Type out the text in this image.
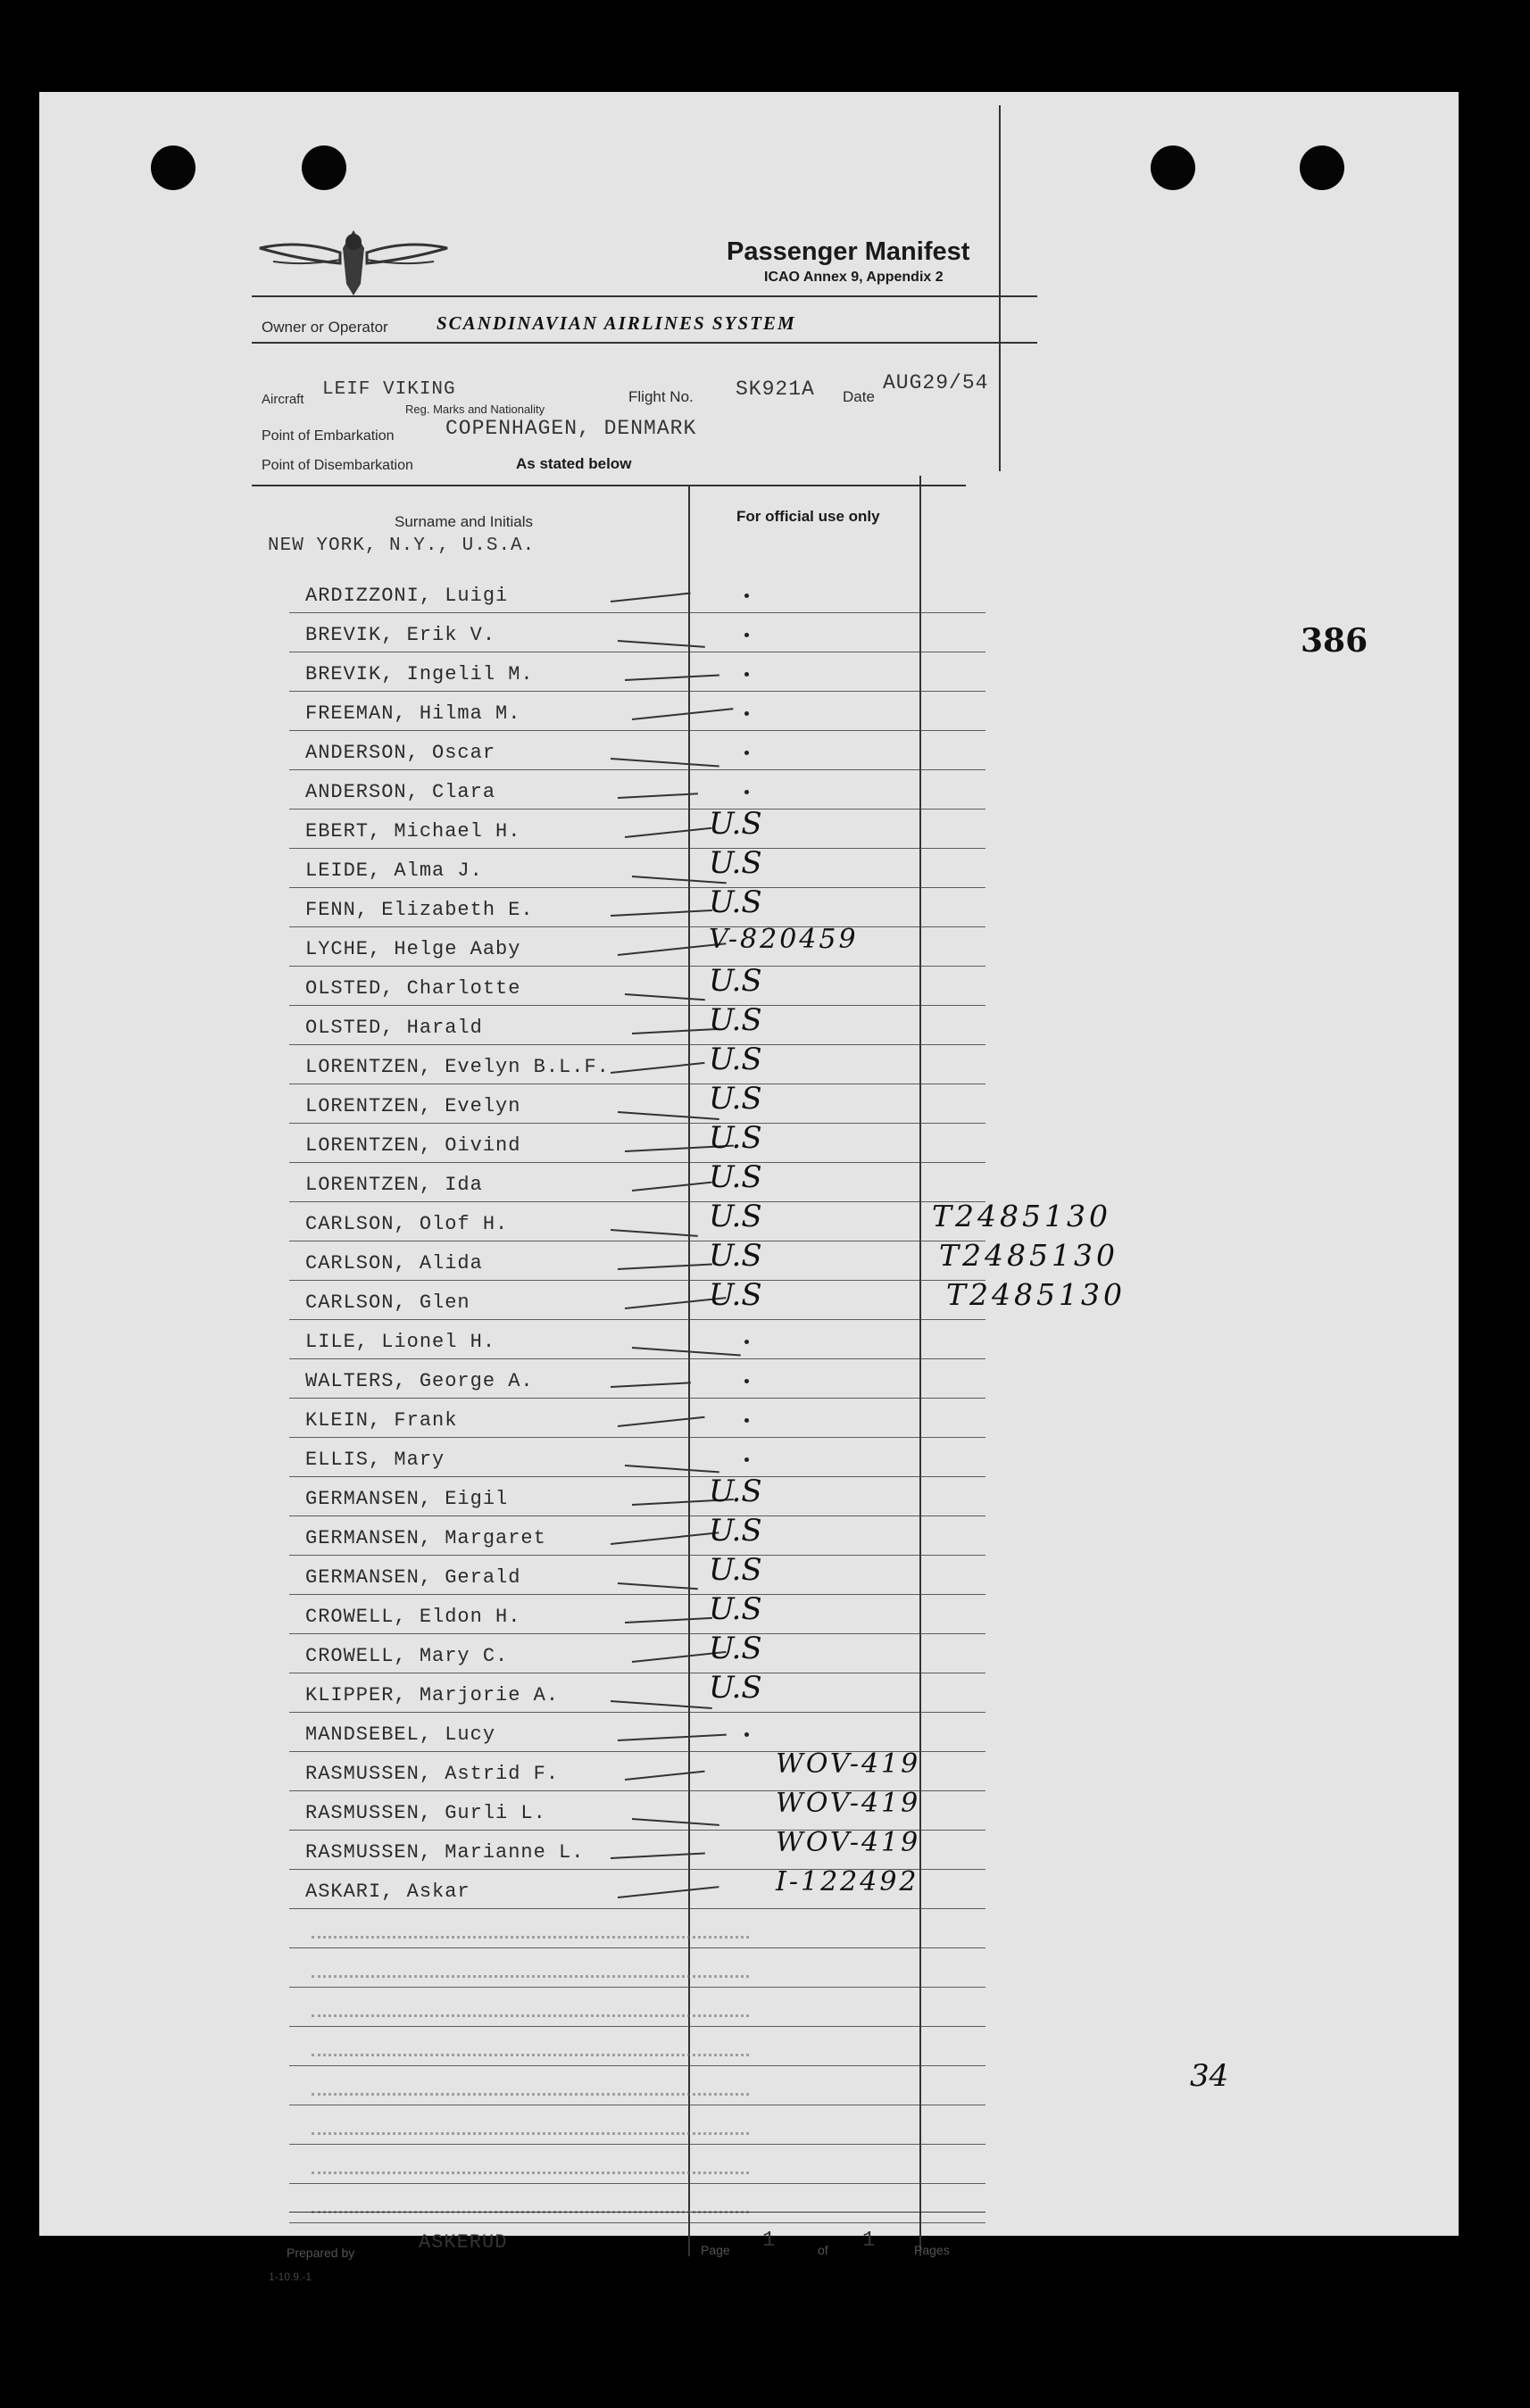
Passenger Manifest
ICAO Annex 9, Appendix 2
Owner or Operator	SCANDINAVIAN AIRLINES SYSTEM
Aircraft LEIF VIKING
Reg. Marks and Nationality
Flight No. SK921A Date
AUG29/54
Point of Embarkation COPENHAGEN, DENMARK
Point of Disembarkation	As stated below
Surname and Initials	For official use only
NEW YORK, N.Y., U.S.A.
ARDIZZONI, Luigi
BREVIK, Erik V.
BREVIK, Ingelil M.
FREEMAN, Hilma M.
ANDERSON, Oscar
ANDERSON, Clara
EBERT, Michael H.	U.S
LEIDE, Alma J.	U.S
FENN, Elizabeth E.	U.S
LYCHE, Helge Aaby	V-820459
OLSTED, Charlotte	U.S
OLSTED, Harald	U.S
LORENTZEN, Evelyn B.L.F.	U.S
LORENTZEN, Evelyn	U.S
LORENTZEN, Oivind	U.S
LORENTZEN, Ida	U.S
CARLSON, Olof H.	U.S	T2485130
CARLSON, Alida	U.S	T2485130
CARLSON, Glen	U.S	T2485130
LILE, Lionel H.
WALTERS, George A.
KLEIN, Frank
ELLIS, Mary
GERMANSEN, Eigil	U.S
GERMANSEN, Margaret	U.S
GERMANSEN, Gerald	U.S
CROWELL, Eldon H.	U.S
CROWELL, Mary C.	U.S
KLIPPER, Marjorie A.	U.S
MANDSEBEL, Lucy
RASMUSSEN, Astrid F.	WOV-419
RASMUSSEN, Gurli L.	WOV-419
RASMUSSEN, Marianne L.	WOV-419
ASKARI, Askar	I-122492
386
34
Prepared by	ASKERUD	Page 1	of 1	Pages
1-10.9.-1
